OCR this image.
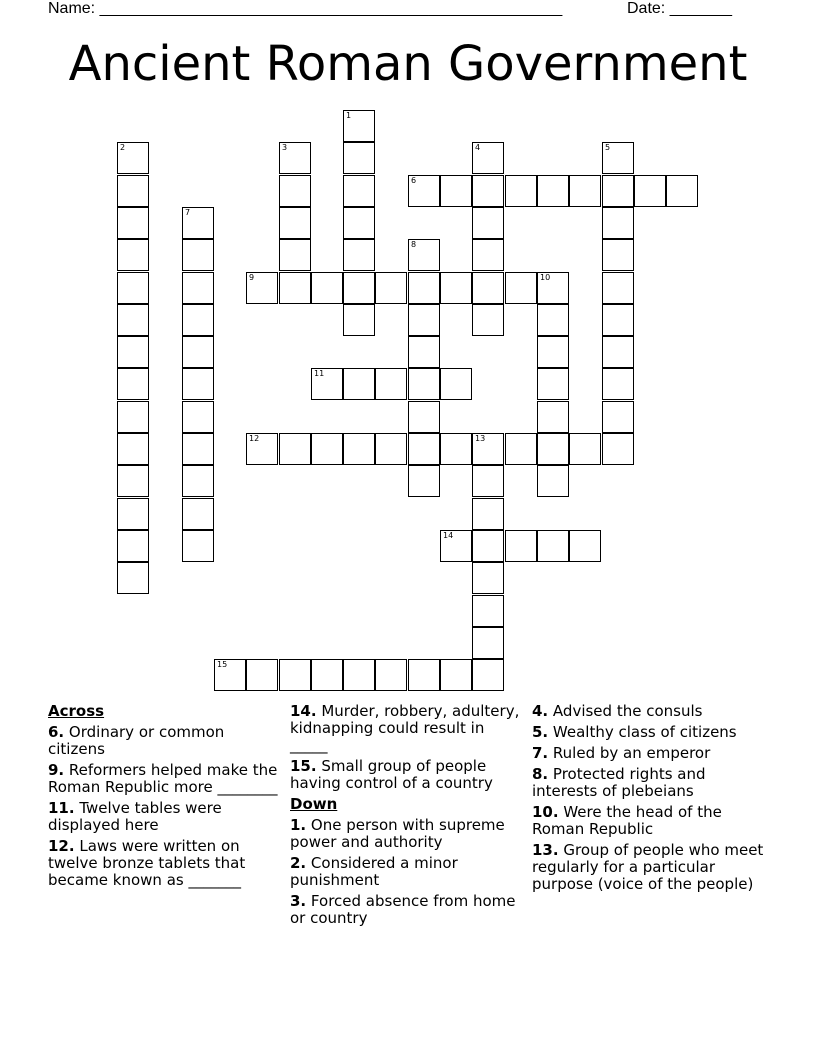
Name: ____________________________________________________	Date: _______
Ancient Roman Government
1
2	3	4	5
6
7
8
9	10
11
12	13
14
15
Across
6. Ordinary or common citizens
9. Reformers helped make the Roman Republic more ________
11. Twelve tables were displayed here
12. Laws were written on twelve bronze tablets that became known as _______
14. Murder, robbery, adultery, kidnapping could result in _____
15. Small group of people having control of a country
Down
1. One person with supreme power and authority
2. Considered a minor punishment
3. Forced absence from home or country
4. Advised the consuls
5. Wealthy class of citizens
7. Ruled by an emperor
8. Protected rights and interests of plebeians
10. Were the head of the Roman Republic
13. Group of people who meet regularly for a particular purpose (voice of the people)
